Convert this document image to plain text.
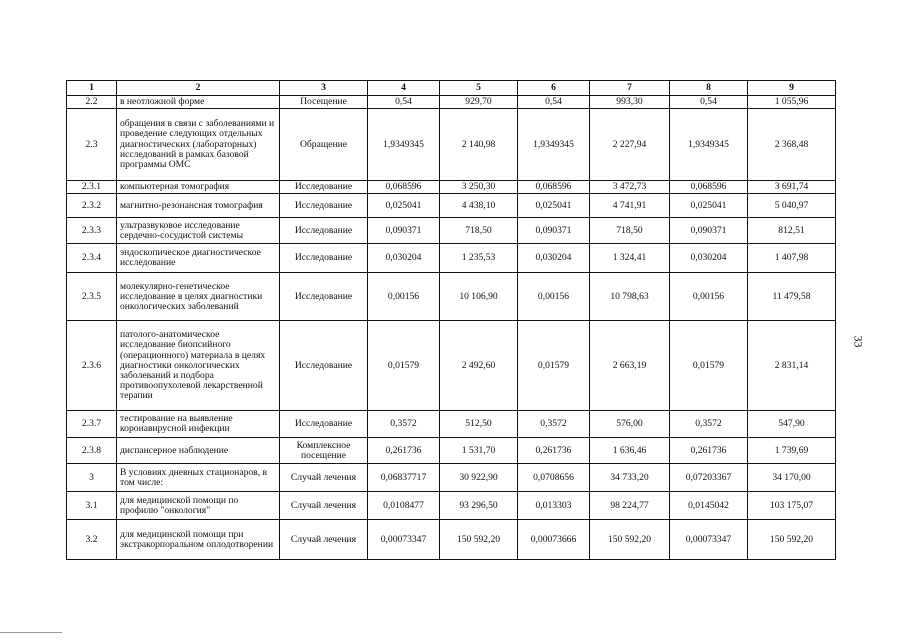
1	2	3	4	5	6	7	8	9
2.2	в неотложной форме	Посещение	0,54	929,70	0,54	993,30	0,54	1 055,96
2.3	обращения в связи с заболеваниями и проведение следующих отдельных диагностических (лабораторных) исследований в рамках базовой программы ОМС	Обращение	1,9349345	2 140,98	1,9349345	2 227,94	1,9349345	2 368,48
2.3.1	компьютерная томография	Исследование	0,068596	3 250,30	0,068596	3 472,73	0,068596	3 691,74
2.3.2	магнитно-резонансная томография	Исследование	0,025041	4 438,10	0,025041	4 741,91	0,025041	5 040,97
2.3.3	ультразвуковое исследование сердечно-сосудистой системы	Исследование	0,090371	718,50	0,090371	718,50	0,090371	812,51
2.3.4	эндоскопическое диагностическое исследование	Исследование	0,030204	1 235,53	0,030204	1 324,41	0,030204	1 407,98
2.3.5	молекулярно-генетическое исследование в целях диагностики онкологических заболеваний	Исследование	0,00156	10 106,90	0,00156	10 798,63	0,00156	11 479,58
2.3.6	патолого-анатомическое исследование биопсийного (операционного) материала в целях диагностики онкологических заболеваний и подбора противоопухолевой лекарственной терапии	Исследование	0,01579	2 492,60	0,01579	2 663,19	0,01579	2 831,14
2.3.7	тестирование на выявление коронавирусной инфекции	Исследование	0,3572	512,50	0,3572	576,00	0,3572	547,90
2.3.8	диспансерное наблюдение	Комплексное посещение	0,261736	1 531,70	0,261736	1 636,46	0,261736	1 739,69
3	В условиях дневных стационаров, в том числе:	Случай лечения	0,06837717	30 922,90	0,0708656	34 733,20	0,07203367	34 170,00
3.1	для медицинской помощи по профилю "онкология"	Случай лечения	0,0108477	93 296,50	0,013303	98 224,77	0,0145042	103 175,07
3.2	для медицинской помощи при экстракорпоральном оплодотворении	Случай лечения	0,00073347	150 592,20	0,00073666	150 592,20	0,00073347	150 592,20
33
